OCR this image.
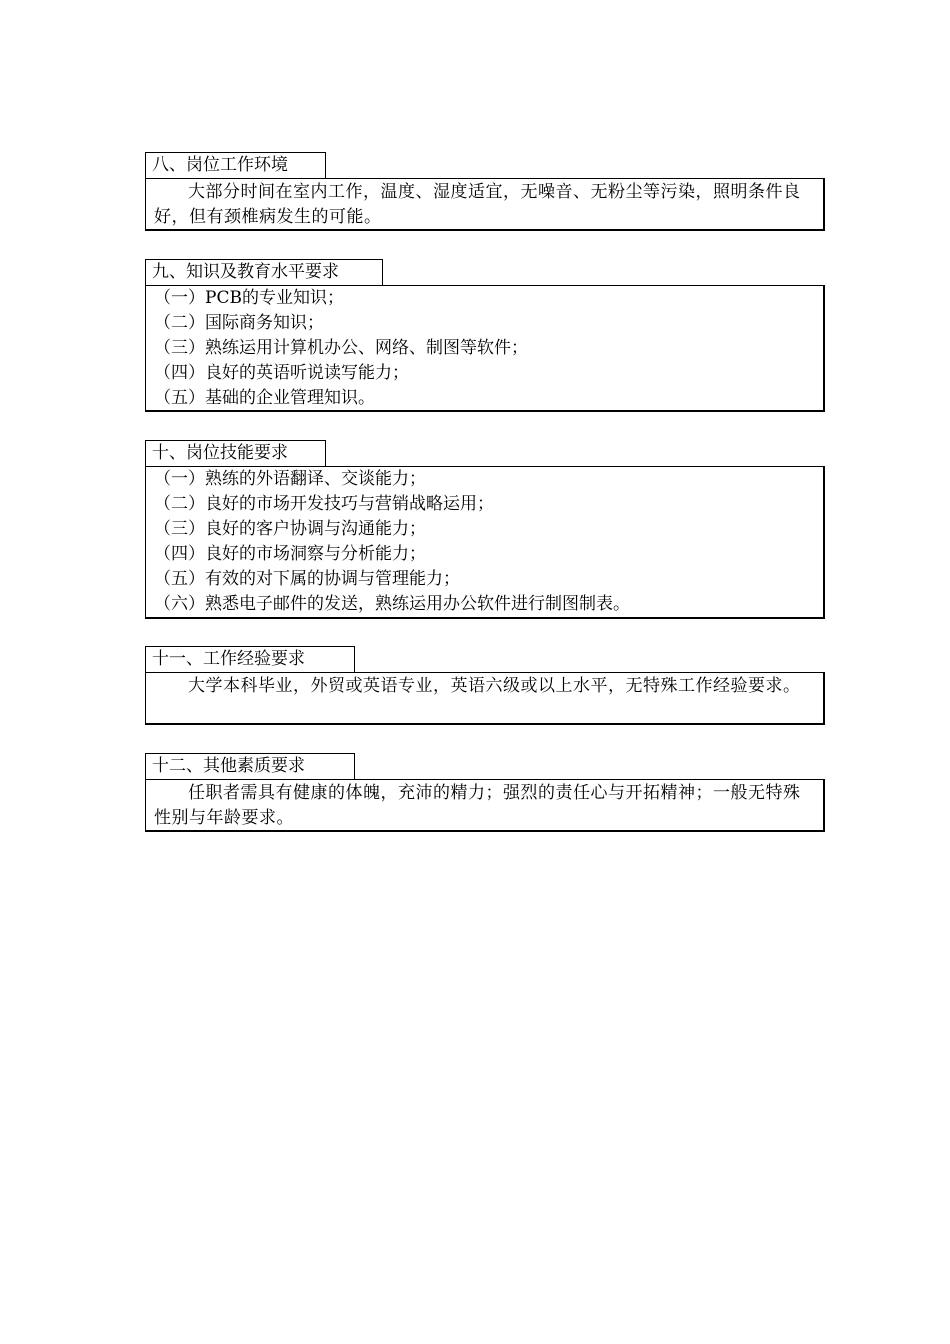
八、岗位工作环境

大部分时间在室内工作，温度、湿度适宜，无噪音、无粉尘等污染，照明条件良好，但有颈椎病发生的可能。

九、知识及教育水平要求
（一）PCB的专业知识；
（二）国际商务知识；
（三）熟练运用计算机办公、网络、制图等软件；
（四）良好的英语听说读写能力；
（五）基础的企业管理知识。
十、岗位技能要求
（一）熟练的外语翻译、交谈能力；
（二）良好的市场开发技巧与营销战略运用；
（三）良好的客户协调与沟通能力；
（四）良好的市场洞察与分析能力；
（五）有效的对下属的协调与管理能力；
（六）熟悉电子邮件的发送，熟练运用办公软件进行制图制表。
十一、工作经验要求

大学本科毕业，外贸或英语专业，英语六级或以上水平，无特殊工作经验要求。

十二、其他素质要求

任职者需具有健康的体魄，充沛的精力；强烈的责任心与开拓精神；一般无特殊性别与年龄要求。
